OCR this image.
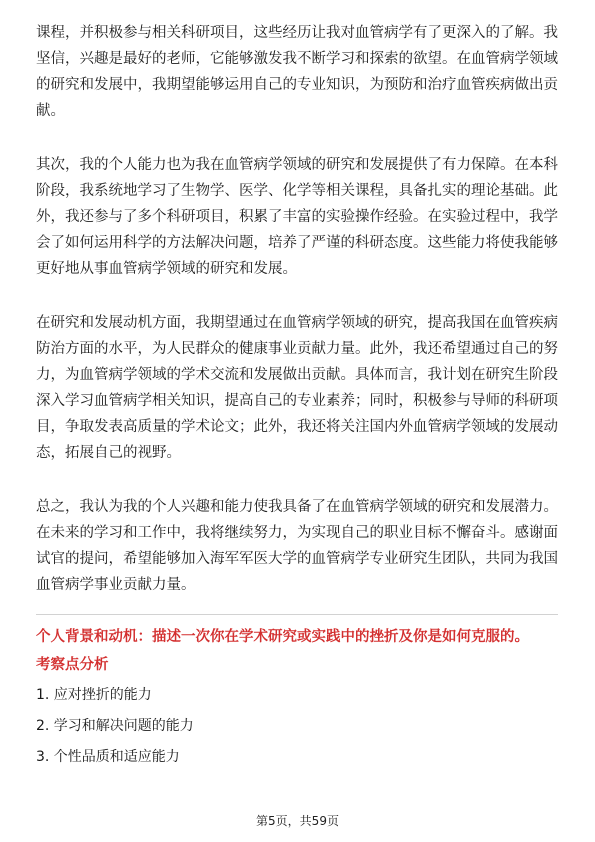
课程，并积极参与相关科研项目，这些经历让我对血管病学有了更深入的了解。我坚信，兴趣是最好的老师，它能够激发我不断学习和探索的欲望。在血管病学领域的研究和发展中，我期望能够运用自己的专业知识，为预防和治疗血管疾病做出贡献。

其次，我的个人能力也为我在血管病学领域的研究和发展提供了有力保障。在本科阶段，我系统地学习了生物学、医学、化学等相关课程，具备扎实的理论基础。此外，我还参与了多个科研项目，积累了丰富的实验操作经验。在实验过程中，我学会了如何运用科学的方法解决问题，培养了严谨的科研态度。这些能力将使我能够更好地从事血管病学领域的研究和发展。

在研究和发展动机方面，我期望通过在血管病学领域的研究，提高我国在血管疾病防治方面的水平，为人民群众的健康事业贡献力量。此外，我还希望通过自己的努力，为血管病学领域的学术交流和发展做出贡献。具体而言，我计划在研究生阶段深入学习血管病学相关知识，提高自己的专业素养；同时，积极参与导师的科研项目，争取发表高质量的学术论文；此外，我还将关注国内外血管病学领域的发展动态，拓展自己的视野。

总之，我认为我的个人兴趣和能力使我具备了在血管病学领域的研究和发展潜力。在未来的学习和工作中，我将继续努力，为实现自己的职业目标不懈奋斗。感谢面试官的提问，希望能够加入海军军医大学的血管病学专业研究生团队，共同为我国血管病学事业贡献力量。

个人背景和动机：描述一次你在学术研究或实践中的挫折及你是如何克服的。

考察点分析

1. 应对挫折的能力
2. 学习和解决问题的能力
3. 个性品质和适应能力
第5页，共59页
